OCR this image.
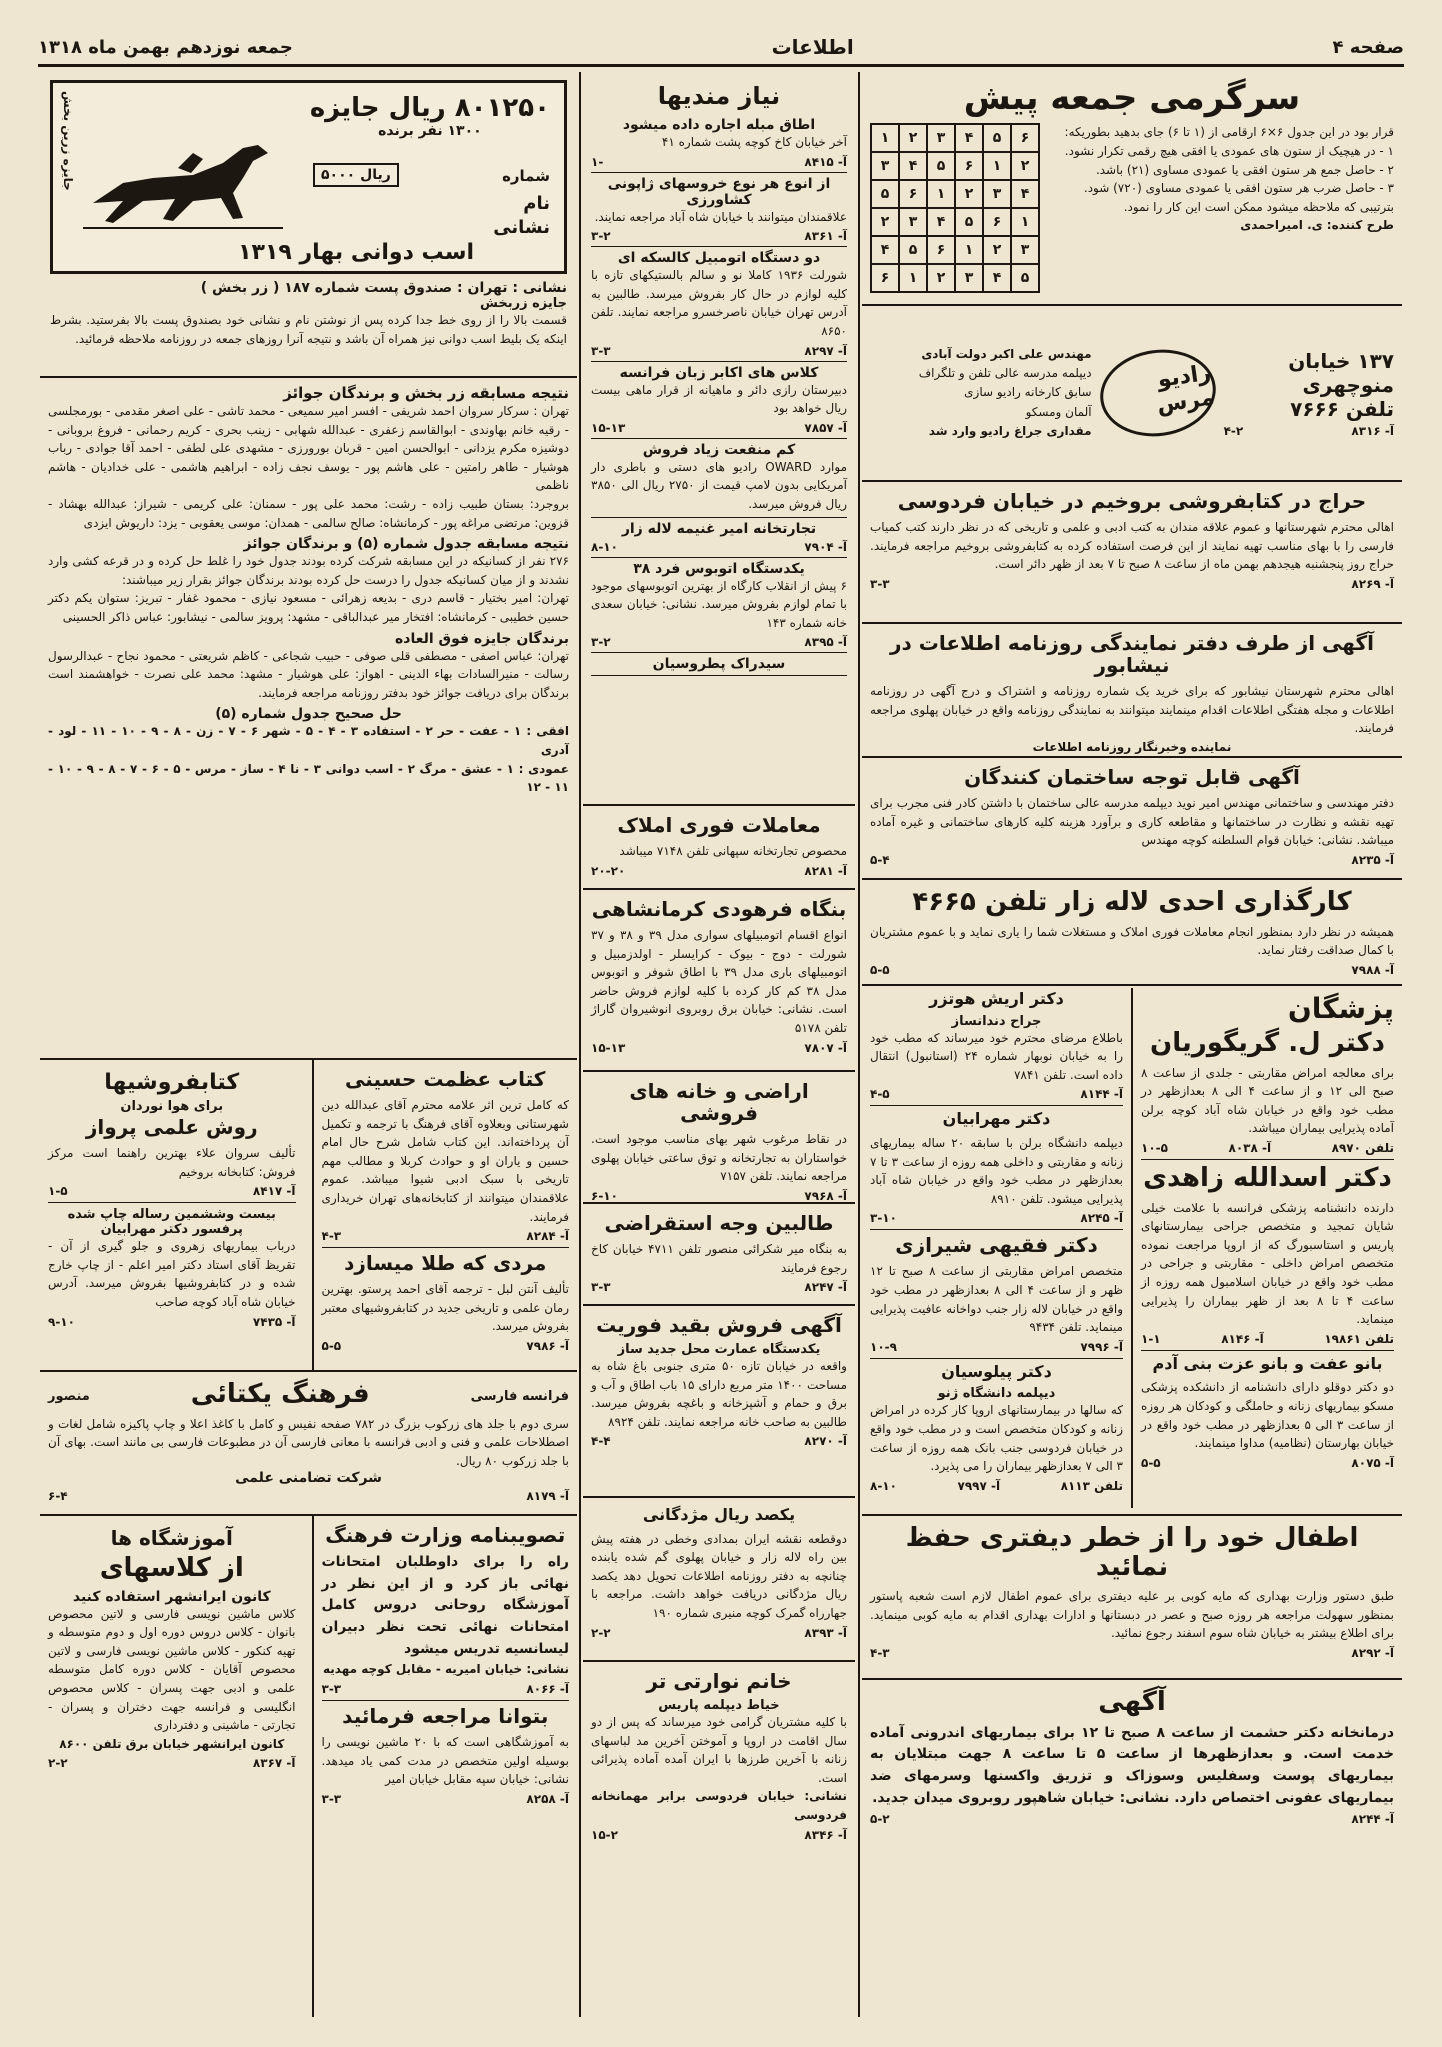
صفحه ۴
اطلاعات
جمعه نوزدهم بهمن ماه ۱۳۱۸
سرگرمی جمعه پیش
قرار بود در این جدول ۶×۶ ارقامی از (۱ تا ۶) جای بدهید بطوریکه:
۱ - در هیچیک از ستون های عمودی یا افقی هیچ رقمی تکرار نشود.
۲ - حاصل جمع هر ستون افقی یا عمودی مساوی (۲۱) باشد.
۳ - حاصل ضرب هر ستون افقی یا عمودی مساوی (۷۲۰) شود.
بترتیبی که ملاحظه میشود ممکن است این کار را نمود.
طرح کننده: ی. امیراحمدی
۶	۵	۴	۳	۲	۱
۲	۱	۶	۵	۴	۳
۴	۳	۲	۱	۶	۵
۱	۶	۵	۴	۳	۲
۳	۲	۱	۶	۵	۴
۵	۴	۳	۲	۱	۶
۱۳۷ خیابان منوچهری
تلفن ۷۶۶۶
۴-۲	آ- ۸۳۱۶
رادیو مرس
مهندس علی اکبر دولت آبادی
دیپلمه مدرسه عالی تلفن و تلگراف
سابق کارخانه رادیو سازی
آلمان ومسکو
مقداری جراغ رادیو وارد شد
حراج در کتابفروشی بروخیم در خیابان فردوسی
اهالی محترم شهرستانها و عموم علاقه مندان به کتب ادبی و علمی و تاریخی که در نظر دارند کتب کمیاب فارسی را با بهای مناسب تهیه نمایند از این فرصت استفاده کرده به کتابفروشی بروخیم مراجعه فرمایند. حراج روز پنجشنبه هیجدهم بهمن ماه از ساعت ۸ صبح تا ۷ بعد از ظهر دائر است.
۳-۳	آ- ۸۲۶۹
آگهی از طرف دفتر نمایندگی روزنامه اطلاعات در نیشابور
اهالی محترم شهرستان نیشابور که برای خرید یک شماره روزنامه و اشتراک و درج آگهی در روزنامه اطلاعات و مجله هفتگی اطلاعات اقدام مینمایند میتوانند به نمایندگی روزنامه واقع در خیابان پهلوی مراجعه فرمایند.
نماینده وخبرنگار روزنامه اطلاعات
آگهی قابل توجه ساختمان کنندگان
دفتر مهندسی و ساختمانی مهندس امیر نوید دیپلمه مدرسه عالی ساختمان با داشتن کادر فنی مجرب برای تهیه نقشه و نظارت در ساختمانها و مقاطعه کاری و برآورد هزینه کلیه کارهای ساختمانی و غیره آماده میباشد. نشانی: خیابان قوام السلطنه کوچه مهندس
۵-۴	آ- ۸۲۳۵
کارگذاری احدی لاله زار تلفن ۴۶۶۵
همیشه در نظر دارد بمنظور انجام معاملات فوری املاک و مستغلات شما را یاری نماید و با عموم مشتریان با کمال صداقت رفتار نماید.
۵-۵	آ- ۷۹۸۸
پزشگان
دکتر ل. گریگوریان
برای معالجه امراض مقاربتی - جلدی از ساعت ۸ صبح الی ۱۲ و از ساعت ۴ الی ۸ بعدازظهر در مطب خود واقع در خیابان شاه آباد کوچه برلن آماده پذیرایی بیماران میباشد.
۱۰-۵	آ- ۸۰۳۸	تلفن ۸۹۷۰
دکتر اسدالله زاهدی
دارنده دانشنامه پزشکی فرانسه با علامت خیلی شایان تمجید و متخصص جراحی بیمارستانهای پاریس و استاسبورگ که از اروپا مراجعت نموده متخصص امراض داخلی - مقاربتی و جراحی در مطب خود واقع در خیابان اسلامبول همه روزه از ساعت ۴ تا ۸ بعد از ظهر بیماران را پذیرایی مینماید.
۱-۱	آ- ۸۱۴۶	تلفن ۱۹۸۶۱
بانو عفت و بانو عزت بنی آدم
دو دکتر دوقلو دارای دانشنامه از دانشکده پزشکی مسکو بیماریهای زنانه و حاملگی و کودکان هر روزه از ساعت ۳ الی ۵ بعدازظهر در مطب خود واقع در خیابان بهارستان (نظامیه) مداوا مینمایند.
۵-۵	آ- ۸۰۷۵
دکتر اریش هوتزر
جراح دندانساز
باطلاع مرضای محترم خود میرساند که مطب خود را به خیابان نوبهار شماره ۲۴ (استانبول) انتقال داده است. تلفن ۷۸۴۱
۴-۵	آ- ۸۱۴۴
دکتر مهرابیان
دیپلمه دانشگاه برلن با سابقه ۲۰ ساله بیماریهای زنانه و مقاربتی و داخلی همه روزه از ساعت ۳ تا ۷ بعدازظهر در مطب خود واقع در خیابان شاه آباد پذیرایی میشود. تلفن ۸۹۱۰
۳-۱۰	آ- ۸۲۴۵
دکتر فقیهی شیرازی
متخصص امراض مقاربتی از ساعت ۸ صبح تا ۱۲ ظهر و از ساعت ۴ الی ۸ بعدازظهر در مطب خود واقع در خیابان لاله زار جنب دواخانه عافیت پذیرایی مینماید. تلفن ۹۴۳۴
۱۰-۹	آ- ۷۹۹۶
دکتر پیلوسیان
دیپلمه دانشگاه ژنو
که سالها در بیمارستانهای اروپا کار کرده در امراض زنانه و کودکان متخصص است و در مطب خود واقع در خیابان فردوسی جنب بانک همه روزه از ساعت ۳ الی ۷ بعدازظهر بیماران را می پذیرد.
۸-۱۰	آ- ۷۹۹۷	تلفن ۸۱۱۳
اطفال خود را از خطر دیفتری حفظ نمائید
طبق دستور وزارت بهداری که مایه کوبی بر علیه دیفتری برای عموم اطفال لازم است شعبه پاستور بمنظور سهولت مراجعه هر روزه صبح و عصر در دبستانها و ادارات بهداری اقدام به مایه کوبی مینماید. برای اطلاع بیشتر به خیابان شاه سوم اسفند رجوع نمائید.
۴-۳	آ- ۸۲۹۲
آگهی
درمانخانه دکتر حشمت از ساعت ۸ صبح تا ۱۲ برای بیماریهای اندرونی آماده خدمت است. و بعدازظهرها از ساعت ۵ تا ساعت ۸ جهت مبتلایان به بیماریهای پوست وسفلیس وسوزاک و تزریق واکسنها وسرمهای ضد بیماریهای عفونی اختصاص دارد. نشانی: خیابان شاهپور روبروی میدان جدید.
۵-۲	آ- ۸۲۴۴
نیاز مندیها
اطاق مبله اجاره داده میشود
آخر خیابان کاخ کوچه پشت شماره ۴۱
۱-	آ- ۸۴۱۵
از انوع هر نوع خروسهای ژاپونی کشاورزی
علاقمندان میتوانند با خیابان شاه آباد مراجعه نمایند.
۳-۲	آ- ۸۳۶۱
دو دستگاه اتومبیل کالسکه ای
شورلت ۱۹۳۶ کاملا نو و سالم بالستیکهای تازه با کلیه لوازم در حال کار بفروش میرسد. طالبین به آدرس تهران خیابان ناصرخسرو مراجعه نمایند. تلفن ۸۶۵۰
۳-۳	آ- ۸۲۹۷
کلاس های اکابر زبان فرانسه
دبیرستان رازی دائر و ماهیانه از قرار ماهی بیست ریال خواهد بود
۱۵-۱۳	آ- ۷۸۵۷
کم منفعت زیاد فروش
موارد OWARD رادیو های دستی و باطری دار آمریکایی بدون لامپ قیمت از ۲۷۵۰ ریال الی ۳۸۵۰ ریال فروش میرسد.
تجارتخانه امیر غنیمه لاله زار
۸-۱۰	آ- ۷۹۰۴
یکدستگاه اتوبوس فرد ۳۸
۶ پیش از انقلاب کارگاه از بهترین اتوبوسهای موجود با تمام لوازم بفروش میرسد. نشانی: خیابان سعدی خانه شماره ۱۴۳
۳-۲	آ- ۸۳۹۵
سیدراک پطروسیان
معاملات فوری املاک
محصوص تجارتخانه سپهانی تلفن ۷۱۴۸ میباشد
۲۰-۲۰	آ- ۸۲۸۱
بنگاه فرهودی کرمانشاهی
انواع اقسام اتومبیلهای سواری مدل ۳۹ و ۳۸ و ۳۷ شورلت - دوج - بیوک - کرایسلر - اولدزمبیل و اتومبیلهای باری مدل ۳۹ با اطاق شوفر و اتوبوس مدل ۳۸ کم کار کرده با کلیه لوازم فروش حاضر است. نشانی: خیابان برق روبروی انوشیروان گاراژ تلفن ۵۱۷۸
۱۵-۱۳	آ- ۷۸۰۷
اراضی و خانه های فروشی
در نقاط مرغوب شهر بهای مناسب موجود است. خواستاران به تجارتخانه و توق ساعتی خیابان پهلوی مراجعه نمایند. تلفن ۷۱۵۷
۶-۱۰	آ- ۷۹۶۸
طالبین وجه استقراضی
به بنگاه میر شکرائی منصور تلفن ۴۷۱۱ خیابان کاخ رجوع فرمایند
۳-۳	آ- ۸۲۴۷
آگهی فروش بقید فوریت
یکدستگاه عمارت محل جدید ساز
واقعه در خیابان تازه ۵۰ متری جنوبی باغ شاه به مساحت ۱۴۰۰ متر مربع دارای ۱۵ باب اطاق و آب و برق و حمام و آشپزخانه و باغچه بفروش میرسد. طالبین به صاحب خانه مراجعه نمایند. تلفن ۸۹۲۴
۴-۴	آ- ۸۲۷۰
یکصد ریال مژدگانی
دوقطعه نقشه ایران بمدادی وخطی در هفته پیش بین راه لاله زار و خیابان پهلوی گم شده یابنده چنانچه به دفتر روزنامه اطلاعات تحویل دهد یکصد ریال مژدگانی دریافت خواهد داشت. مراجعه با جهارراه گمرک کوچه منیری شماره ۱۹۰
۲-۲	آ- ۸۳۹۳
خانم نوارتی تر
خیاط دیپلمه پاریس
با کلیه مشتریان گرامی خود میرساند که پس از دو سال اقامت در اروپا و آموختن آخرین مد لباسهای زنانه با آخرین طرزها با ایران آمده آماده پذیرائی است.
نشانی: خیابان فردوسی برابر مهمانخانه فردوسی
۱۵-۲	آ- ۸۳۴۶
۸۰۱۲۵۰ ریال جایزه
۱۳۰۰ نفر برنده
جایزه زرین بخش	۵۰۰۰ ریال	شماره
نام
نشانی
اسب دوانی بهار ۱۳۱۹
نشانی : تهران : صندوق پست شماره ۱۸۷ ( زر بخش )
جایزه زربخش
قسمت بالا را از روی خط جدا کرده پس از نوشتن نام و نشانی خود بصندوق پست بالا بفرستید. بشرط اینکه یک بلیط اسب دوانی نیز همراه آن باشد و نتیجه آنرا روزهای جمعه در روزنامه ملاحظه فرمائید.
نتیجه مسابقه زر بخش و برندگان جوائز
تهران : سرکار سروان احمد شریفی - افسر امیر سمیعی - محمد تاشی - علی اصغر مقدمی - بورمجلسی - رقیه خانم بهاوندی - ابوالقاسم زعفری - عبدالله شهابی - زینب بحری - کریم رحمانی - فروغ بروبانی - دوشیزه مکرم یزدانی - ابوالحسن امین - قربان بورورزی - مشهدی علی لطفی - احمد آقا جوادی - رباب هوشیار - طاهر رامتین - علی هاشم پور - یوسف نجف زاده - ابراهیم هاشمی - علی خدادیان - هاشم ناظمی
بروجرد: بستان طبیب زاده - رشت: محمد علی پور - سمنان: علی کریمی - شیراز: عبدالله بهشاد - قزوین: مرتضی مراغه پور - کرمانشاه: صالح سالمی - همدان: موسی یعقوبی - یزد: داریوش ایزدی
نتیجه مسابقه جدول شماره (۵) و برندگان جوائز
۲۷۶ نفر از کسانیکه در این مسابقه شرکت کرده بودند جدول خود را غلط حل کرده و در قرعه کشی وارد نشدند و از میان کسانیکه جدول را درست حل کرده بودند برندگان جوائز بقرار زیر میباشند:
تهران: امیر بختیار - قاسم دری - بدیعه زهرائی - مسعود نیازی - محمود غفار - تبریز: ستوان یکم دکتر حسین خطیبی - کرمانشاه: افتخار میر عبدالباقی - مشهد: پرویز سالمی - نیشابور: عباس ذاکر الحسینی
برندگان جایزه فوق العاده
تهران: عباس اصفی - مصطفی قلی صوفی - حبیب شجاعی - کاظم شریعتی - محمود نجاح - عبدالرسول رسالت - منیرالسادات بهاء الدینی - اهواز: علی هوشیار - مشهد: محمد علی نصرت - خواهشمند است برندگان برای دریافت جوائز خود بدفتر روزنامه مراجعه فرمایند.
حل صحیح جدول شماره (۵)
افقی : ۱ - عفت - حر ۲ - استفاده ۳ - ۴ - ۵ - شهر ۶ - ۷ - زن - ۸ - ۹ - ۱۰ - ۱۱ - لود - آدری
عمودی : ۱ - عشق - مرگ ۲ - اسب دوانی ۳ - نا ۴ - ساز - مرس - ۵ - ۶ - ۷ - ۸ - ۹ - ۱۰ - ۱۱ - ۱۲
کتاب عظمت حسینی
که کامل ترین اثر علامه محترم آقای عبدالله دین شهرستانی وبعلاوه آقای فرهنگ با ترجمه و تکمیل آن پرداخته‌اند. این کتاب شامل شرح حال امام حسین و یاران او و حوادث کربلا و مطالب مهم تاریخی با سبک ادبی شیوا میباشد. عموم علاقمندان میتوانند از کتابخانه‌های تهران خریداری فرمایند.
۴-۳	آ- ۸۲۸۴
مردی که طلا میسازد
تألیف آنتن لبل - ترجمه آقای احمد پرستو. بهترین رمان علمی و تاریخی جدید در کتابفروشیهای معتبر بفروش میرسد.
۵-۵	آ- ۷۹۸۶
کتابفروشیها
برای هوا نوردان
روش علمی پرواز
تألیف سروان علاء بهترین راهنما است مرکز فروش: کتابخانه بروخیم
۱-۵	آ- ۸۴۱۷
بیست وششمین رساله چاپ شده پرفسور دکتر مهرابیان
درباب بیماریهای زهروی و جلو گیری از آن - تقریظ آقای استاد دکتر امیر اعلم - از چاپ خارج شده و در کتابفروشیها بفروش میرسد. آدرس خیابان شاه آباد کوچه صاحب
۹-۱۰	آ- ۷۴۳۵
فرانسه فارسی
فرهنگ یکتائی
منصور
سری دوم با جلد های زرکوب بزرگ در ۷۸۲ صفحه نفیس و کامل با کاغذ اعلا و چاپ پاکیزه شامل لغات و اصطلاحات علمی و فنی و ادبی فرانسه با معانی فارسی آن در مطبوعات فارسی بی مانند است. بهای آن با جلد زرکوب ۸۰ ریال.
شرکت تضامنی علمی
۶-۴	آ- ۸۱۷۹
تصویبنامه وزارت فرهنگ
راه را برای داوطلبان امتحانات نهائی باز کرد و از این نظر در آموزشگاه روحانی دروس کامل امتحانات نهائی تحت نظر دبیران لیسانسیه تدریس میشود
نشانی: خیابان امیریه - مقابل کوچه مهدیه
۳-۳	آ- ۸۰۶۶
بتوانا مراجعه فرمائید
به آموزشگاهی است که با ۲۰ ماشین نویسی را بوسیله اولین متخصص در مدت کمی یاد میدهد. نشانی: خیابان سپه مقابل خیابان امیر
۳-۳	آ- ۸۲۵۸
آموزشگاه ها
از کلاسهای
کانون ایرانشهر استفاده کنید
کلاس ماشین نویسی فارسی و لاتین محصوص بانوان - کلاس دروس دوره اول و دوم متوسطه و تهیه کنکور - کلاس ماشین نویسی فارسی و لاتین محصوص آقایان - کلاس دوره کامل متوسطه علمی و ادبی جهت پسران - کلاس محصوص انگلیسی و فرانسه جهت دختران و پسران - تجارتی - ماشینی و دفترداری
کانون ایرانشهر خیابان برق تلفن ۸۶۰۰
۲-۲	آ- ۸۳۶۷
